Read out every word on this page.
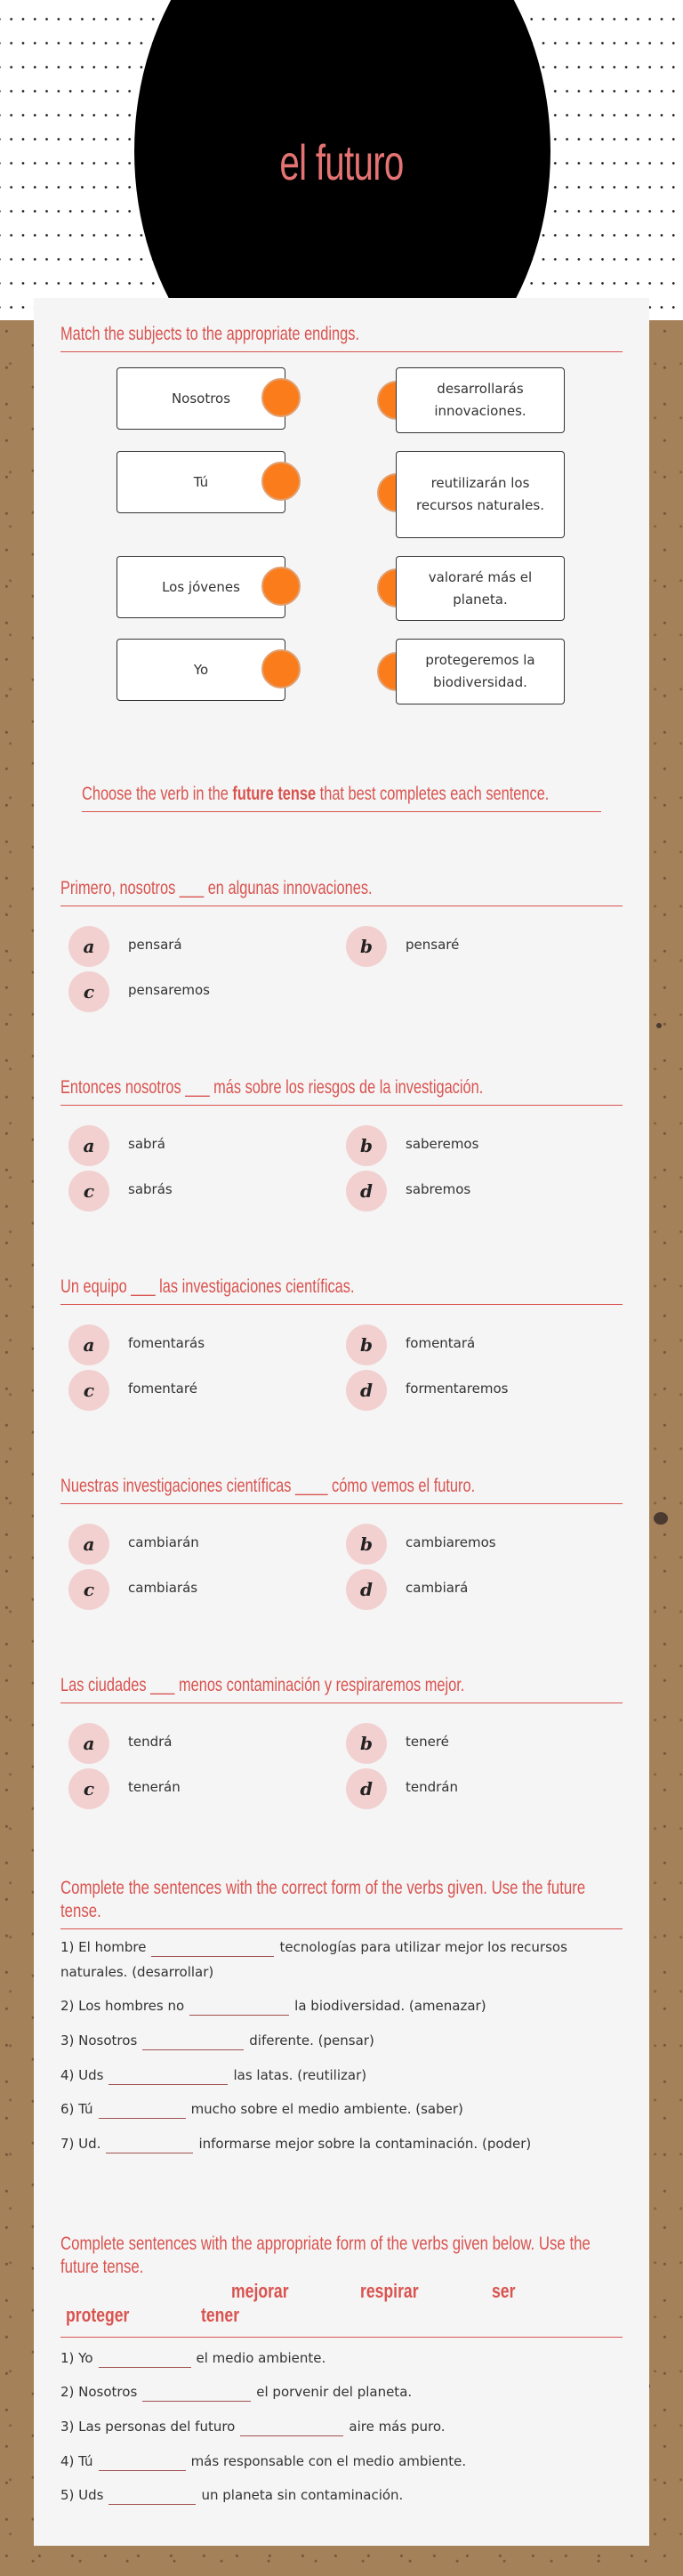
el futuro
Match the subjects to the appropriate endings.
Nosotros
Tú
Los jóvenes
Yo
desarrollarás innovaciones.
reutilizarán los recursos naturales.
valoraré más el planeta.
protegeremos la biodiversidad.
Choose the verb in the future tense that best completes each sentence.
Primero, nosotros ___ en algunas innovaciones.
a	pensará	b	pensaré
c	pensaremos
Entonces nosotros ___ más sobre los riesgos de la investigación.
a	sabrá	b	saberemos
c	sabrás	d	sabremos
Un equipo ___ las investigaciones científicas.
a	fomentarás	b	fomentará
c	fomentaré	d	formentaremos
Nuestras investigaciones científicas ____ cómo vemos el futuro.
a	cambiarán	b	cambiaremos
c	cambiarás	d	cambiará
Las ciudades ___ menos contaminación y respiraremos mejor.
a	tendrá	b	teneré
c	tenerán	d	tendrán
Complete the sentences with the correct form of the verbs given. Use the future tense.
1) El hombre	tecnologías para utilizar mejor los recursos naturales. (desarrollar)
2) Los hombres no	la biodiversidad. (amenazar)
3) Nosotros	diferente. (pensar)
4) Uds	las latas. (reutilizar)
6) Tú	mucho sobre el medio ambiente. (saber)
7) Ud.	informarse mejor sobre la contaminación. (poder)
Complete sentences with the appropriate form of the verbs given below. Use the future tense.
mejorar	respirar	ser
proteger	tener
1) Yo	el medio ambiente.
2) Nosotros	el porvenir del planeta.
3) Las personas del futuro	aire más puro.
4) Tú	más responsable con el medio ambiente.
5) Uds	un planeta sin contaminación.
